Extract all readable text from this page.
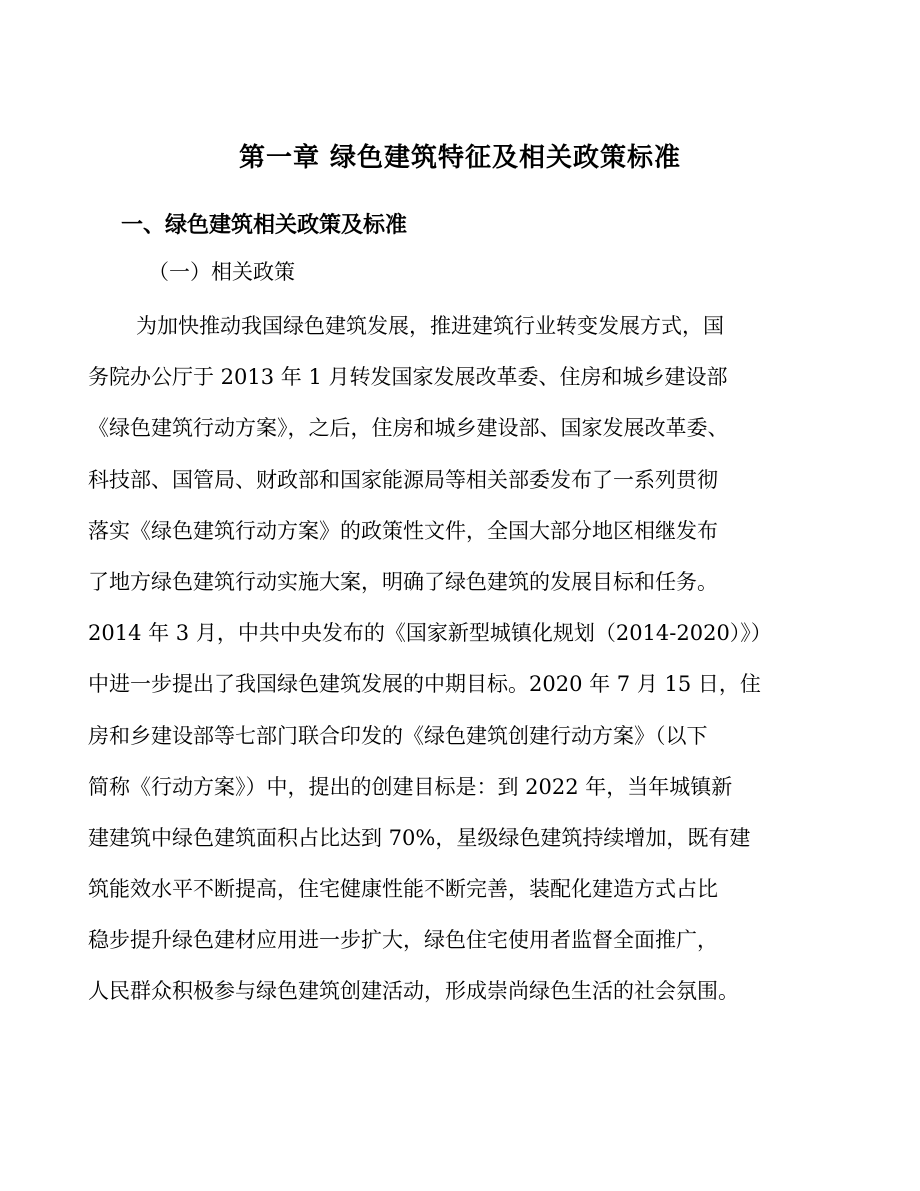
第一章 绿色建筑特征及相关政策标准
一、绿色建筑相关政策及标准
（一）相关政策
为加快推动我国绿色建筑发展，推进建筑行业转变发展方式，国
务院办公厅于 2013 年 1 月转发国家发展改革委、住房和城乡建设部
《绿色建筑行动方案》，之后，住房和城乡建设部、国家发展改革委、
科技部、国管局、财政部和国家能源局等相关部委发布了一系列贯彻
落实《绿色建筑行动方案》的政策性文件，全国大部分地区相继发布
了地方绿色建筑行动实施大案，明确了绿色建筑的发展目标和任务。
2014 年 3 月，中共中央发布的《国家新型城镇化规划（2014-2020）》）
中进一步提出了我国绿色建筑发展的中期目标。2020 年 7 月 15 日，住
房和乡建设部等七部门联合印发的《绿色建筑创建行动方案》（以下
简称《行动方案》）中，提出的创建目标是：到 2022 年，当年城镇新
建建筑中绿色建筑面积占比达到 70%，星级绿色建筑持续增加，既有建
筑能效水平不断提高，住宅健康性能不断完善，装配化建造方式占比
稳步提升绿色建材应用进一步扩大，绿色住宅使用者监督全面推广，
人民群众积极参与绿色建筑创建活动，形成崇尚绿色生活的社会氛围。
